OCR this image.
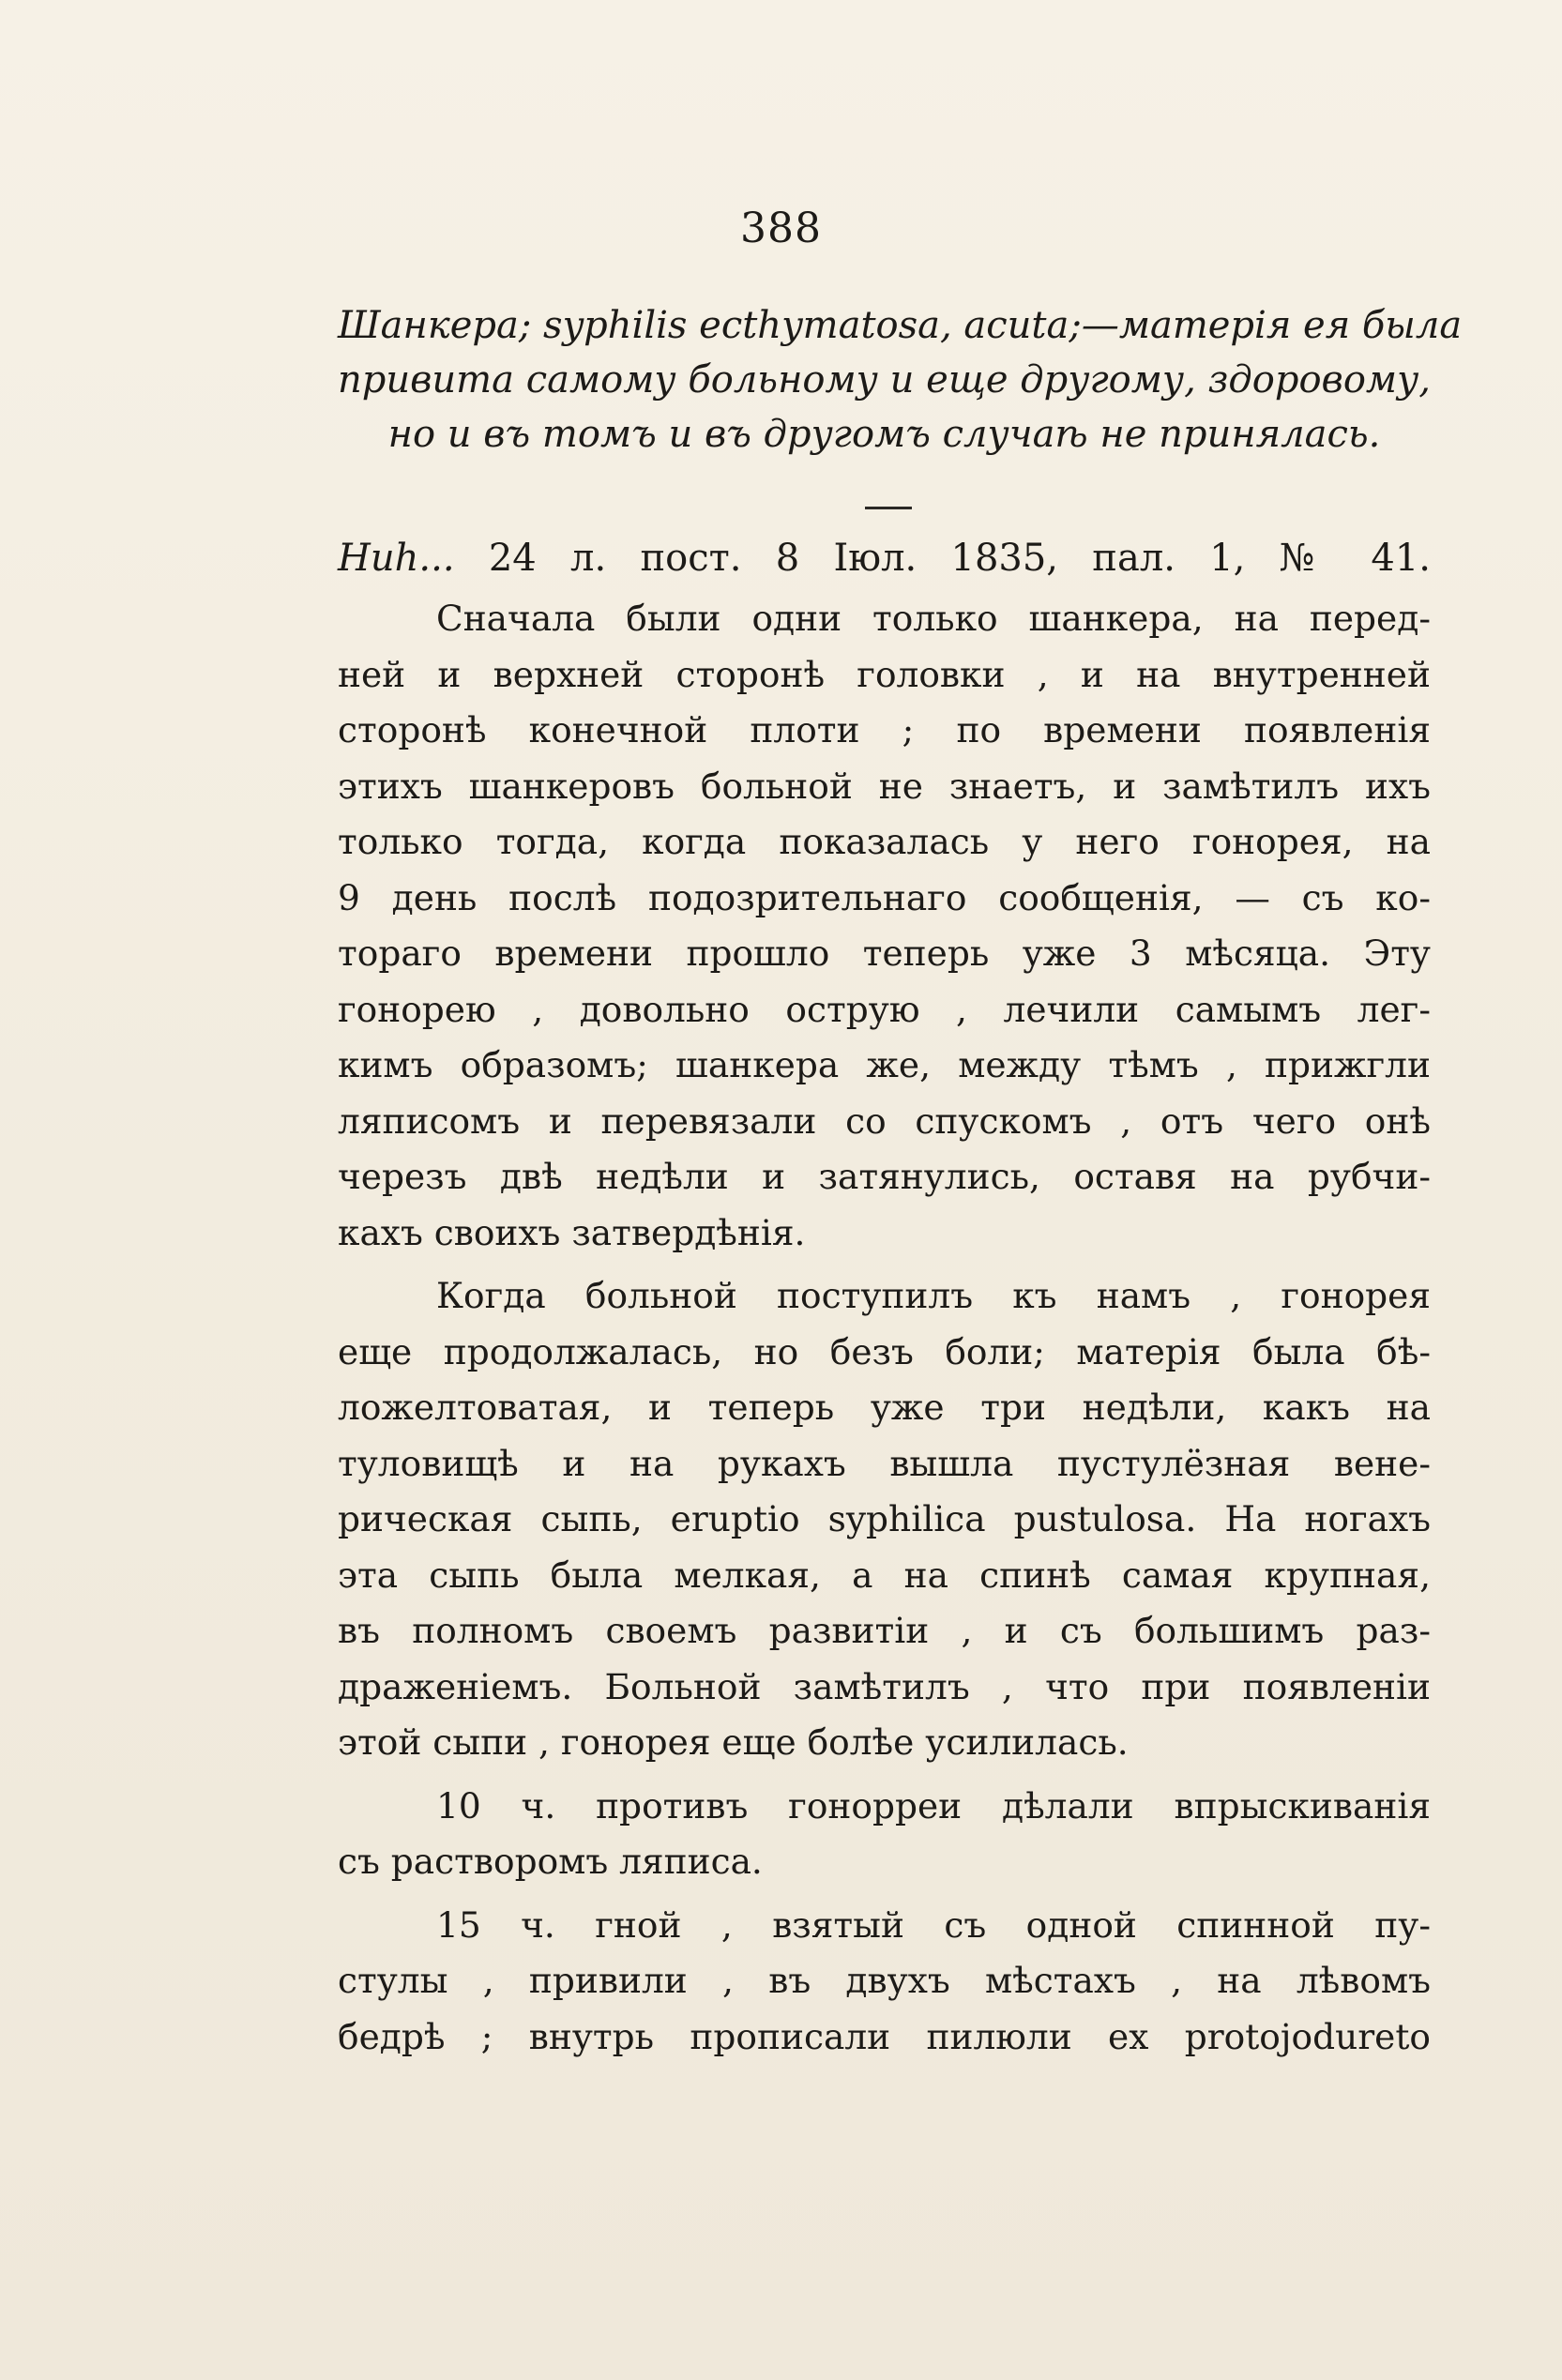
388
Шанкера; syphilis ecthymatosa, acuta;—матерія ея была
привита самому больному и еще другому, здоровому,
но и въ томъ и въ другомъ случаѣ не принялась.
Ниh... 24 л. пост. 8 Іюл. 1835, пал. 1, № 41.
Сначала были одни только шанкера, на перед-
ней и верхней сторонѣ головки , и на внутренней
сторонѣ конечной плоти ; по времени появленія
этихъ шанкеровъ больной не знаетъ, и замѣтилъ ихъ
только тогда, когда показалась у него гонорея, на
9 день послѣ подозрительнаго сообщенія, — съ ко-
тораго времени прошло теперь уже 3 мѣсяца. Эту
гонорею , довольно острую , лечили самымъ лег-
кимъ образомъ; шанкера же, между тѣмъ , прижгли
ляписомъ и перевязали со спускомъ , отъ чего онѣ
черезъ двѣ недѣли и затянулись, оставя на рубчи-
кахъ своихъ затвердѣнія.
Когда больной поступилъ къ намъ , гонорея
еще продолжалась, но безъ боли; матерія была бѣ-
ложелтоватая, и теперь уже три недѣли, какъ на
туловищѣ и на рукахъ вышла пустулёзная вене-
рическая сыпь, eruptio syphilica pustulosa. На ногахъ
эта сыпь была мелкая, а на спинѣ самая крупная,
въ полномъ своемъ развитіи , и съ большимъ раз-
драженіемъ. Больной замѣтилъ , что при появленіи
этой сыпи , гонорея еще болѣе усилилась.
10 ч. противъ гонорреи дѣлали впрыскиванія
съ растворомъ ляписа.
15 ч. гной , взятый съ одной спинной пу-
стулы , привили , въ двухъ мѣстахъ , на лѣвомъ
бедрѣ ; внутрь прописали пилюли ex protojodureto
